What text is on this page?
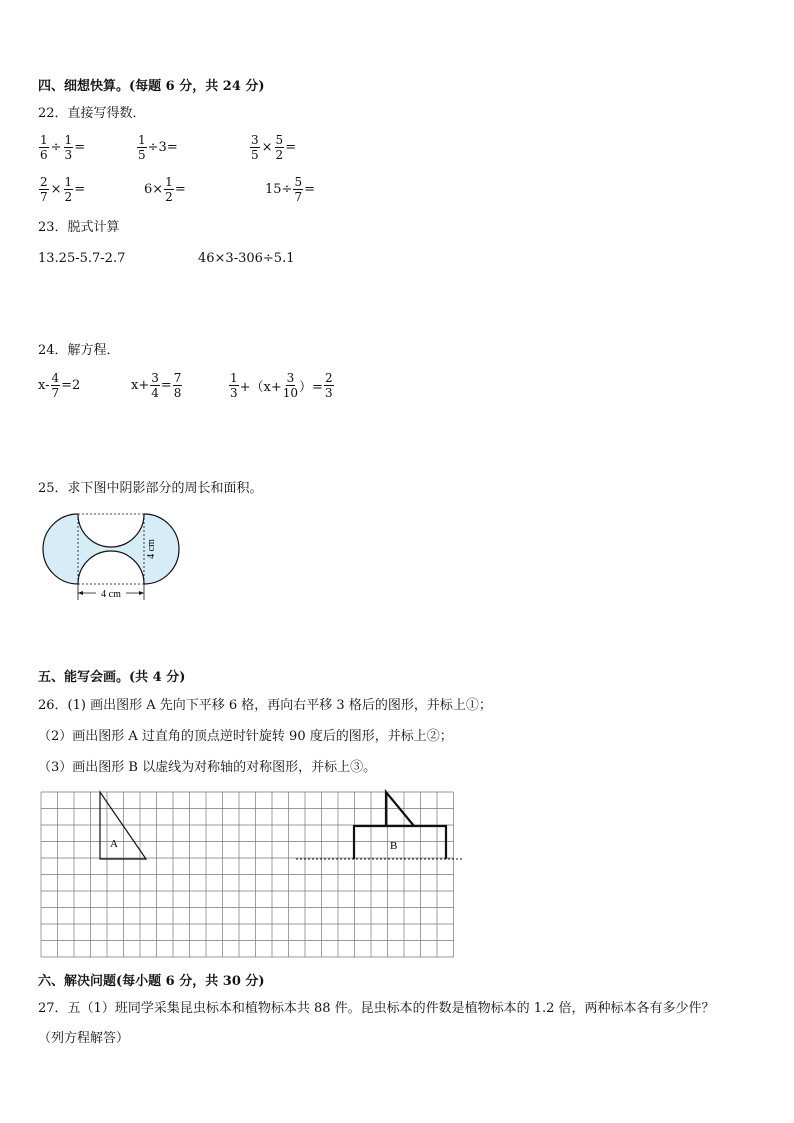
四、细想快算。(每题 6 分，共 24 分)
22．直接写得数．
$\frac{1}{6} \div \frac{1}{3}$ =	$\frac{1}{5} \div 3$ =	$\frac{3}{5} \times \frac{5}{2}$ =
$\frac{2}{7} \times \frac{1}{2}$ =	$6\times \frac{1}{2}$ =	$15\div \frac{5}{7}$ =
23．脱式计算
13.25-5.7-2.7	46×3-306÷5.1
24．解方程．
$x- \frac{4}{7} =2$	$x+ \frac{3}{4} = \frac{7}{8}$	$\frac{1}{3} +(x+ \frac{3}{10}$ ）= $\frac{2}{3}$
25．求下图中阴影部分的周长和面积。
4 cm
4 cm
五、能写会画。(共 4 分)
26．(1) 画出图形 A 先向下平移 6 格，再向右平移 3 格后的图形，并标上①；
（2）画出图形 A 过直角的顶点逆时针旋转 90 度后的图形，并标上②；
（3）画出图形 B 以虚线为对称轴的对称图形，并标上③。
A	B
六、解决问题(每小题 6 分，共 30 分)
27．五（1）班同学采集昆虫标本和植物标本共 88 件。昆虫标本的件数是植物标本的 1.2 倍，两种标本各有多少件？
（列方程解答）
